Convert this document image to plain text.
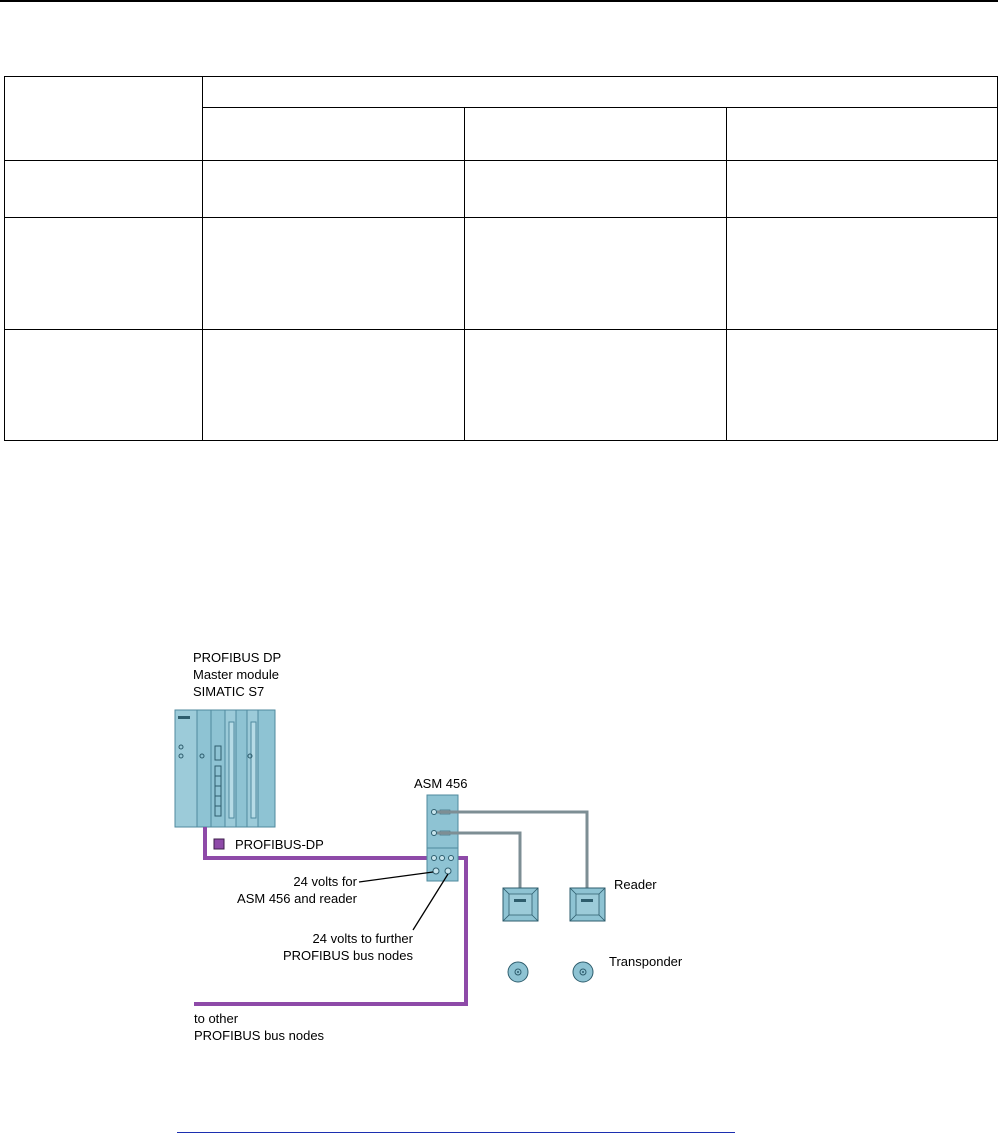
PROFIBUS DP
Master module
SIMATIC S7
PROFIBUS-DP
ASM 456
Reader
Transponder
24 volts for
ASM 456 and reader
24 volts to further
PROFIBUS bus nodes
to other
PROFIBUS bus nodes
